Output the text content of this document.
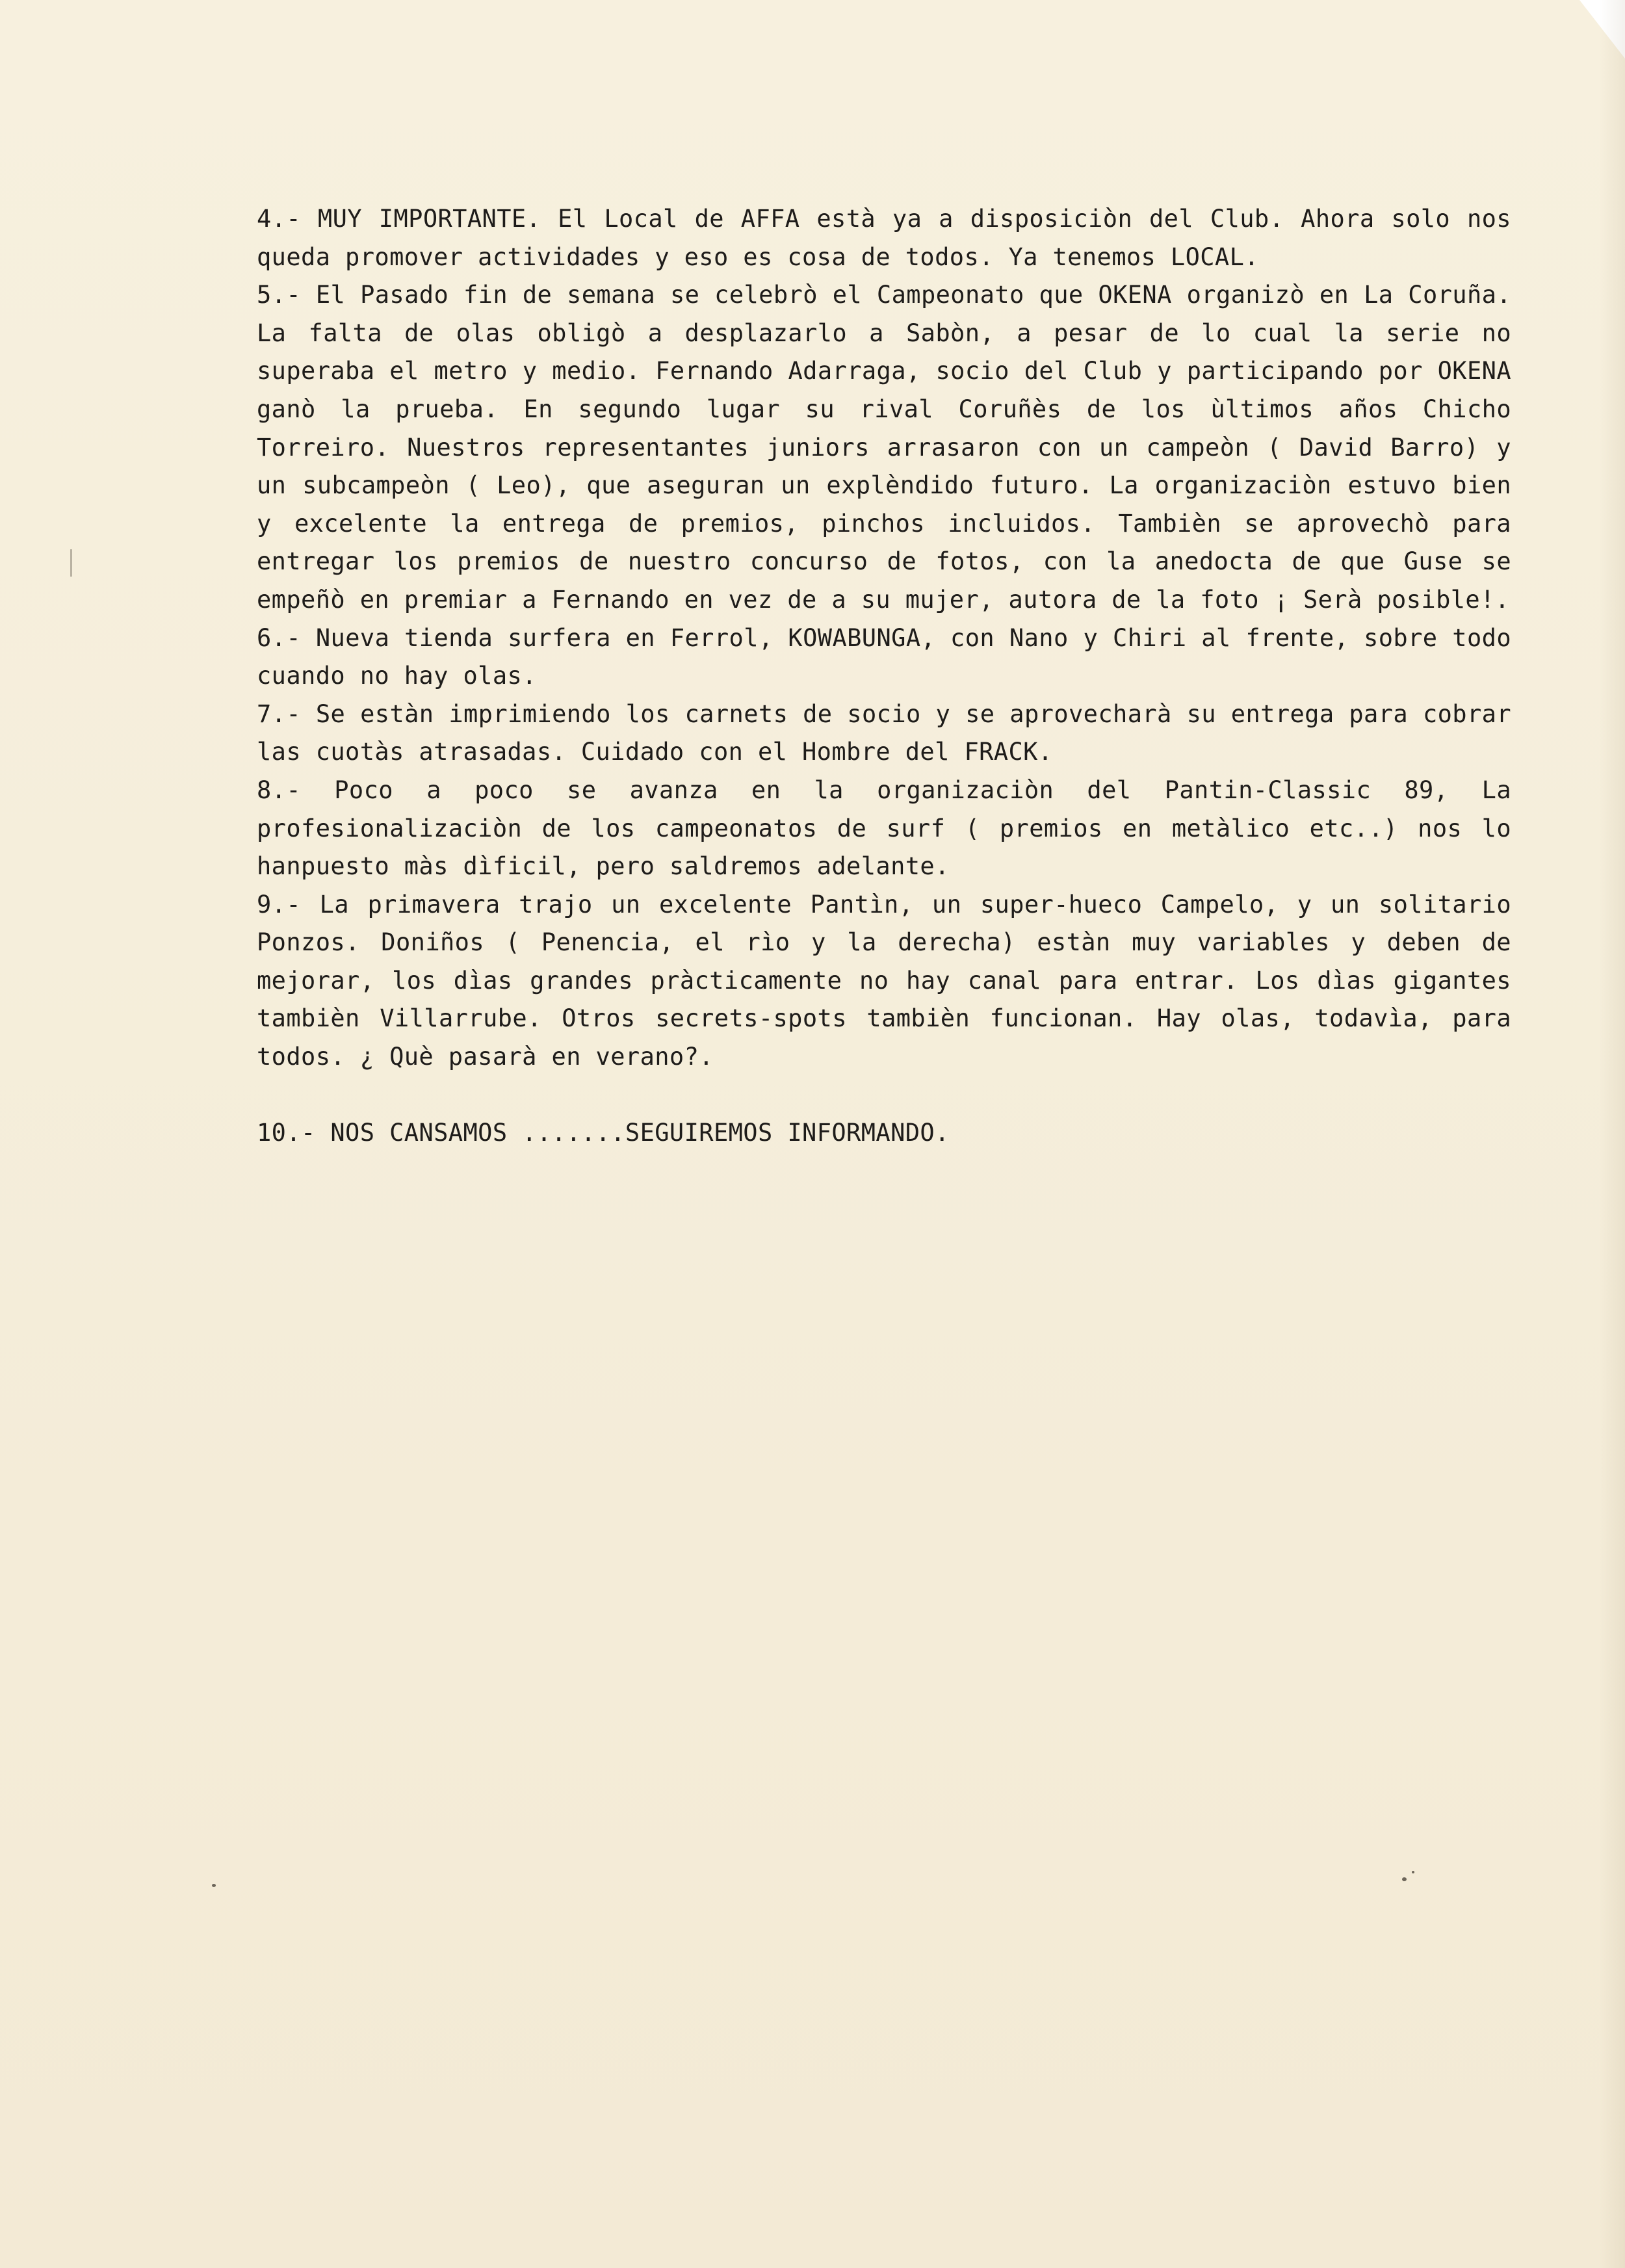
4.- MUY IMPORTANTE. El Local de AFFA està ya a disposiciòn del Club. Ahora solo nos queda promover actividades y eso es cosa de todos. Ya tenemos LOCAL.

5.- El Pasado fin de semana se celebrò el Campeonato que OKENA organizò en La Coruña. La falta de olas obligò a desplazarlo a Sabòn, a pesar de lo cual la serie no superaba el metro y medio. Fernando Adarraga, socio del Club y participando por OKENA ganò la prueba. En segundo lugar su rival Coruñès de los ùltimos años Chicho Torreiro. Nuestros representantes juniors arrasaron con un campeòn ( David Barro) y un subcampeòn ( Leo), que aseguran un explèndido futuro. La organizaciòn estuvo bien y excelente la entrega de premios, pinchos incluidos. Tambièn se aprovechò para entregar los premios de nuestro concurso de fotos, con la anedocta de que Guse se empeñò en premiar a Fernando en vez de a su mujer, autora de la foto ¡ Serà posible!.

6.- Nueva tienda surfera en Ferrol, KOWABUNGA, con Nano y Chiri al frente, sobre todo cuando no hay olas.

7.- Se estàn imprimiendo los carnets de socio y se aprovecharà su entrega para cobrar las cuotàs atrasadas. Cuidado con el Hombre del FRACK.

8.- Poco a poco se avanza en la organizaciòn del Pantin-Classic 89, La profesionalizaciòn de los campeonatos de surf ( premios en metàlico etc..) nos lo hanpuesto màs dìficil, pero saldremos adelante.

9.- La primavera trajo un excelente Pantìn, un super-hueco Campelo, y un solitario Ponzos. Doniños ( Penencia, el rìo y la derecha) estàn muy variables y deben de mejorar, los dìas grandes pràcticamente no hay canal para entrar. Los dìas gigantes tambièn Villarrube. Otros secrets-spots tambièn funcionan. Hay olas, todavìa, para todos. ¿ Què pasarà en verano?.

10.- NOS CANSAMOS .......SEGUIREMOS INFORMANDO.
